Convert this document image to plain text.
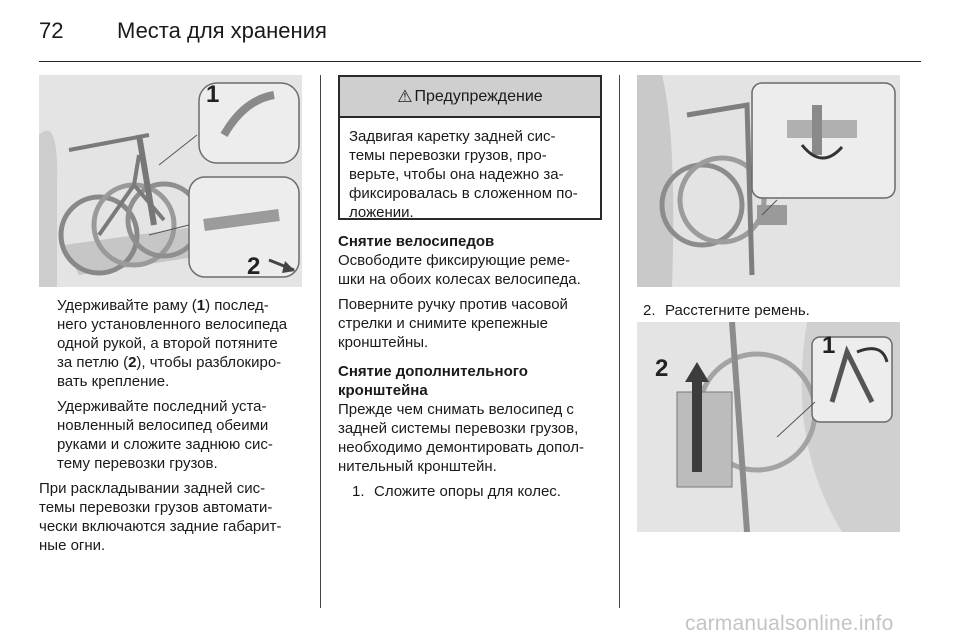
72 Места для хранения
1
2

Удерживайте раму (1) послед-
него установленного велосипеда
одной рукой, а второй потяните
за петлю (2), чтобы разблокиро-
вать крепление.

Удерживайте последний уста-
новленный велосипед обеими
руками и сложите заднюю сис-
тему перевозки грузов.

При раскладывании задней сис-
темы перевозки грузов автомати-
чески включаются задние габарит-
ные огни.

⚠ Предупреждение
Задвигая каретку задней сис-
темы перевозки грузов, про-
верьте, чтобы она надежно за-
фиксировалась в сложенном по-
ложении.
Снятие велосипедов

Освободите фиксирующие реме-
шки на обоих колесах велосипеда.

Поверните ручку против часовой
стрелки и снимите крепежные
кронштейны.

Снятие дополнительного
кронштейна

Прежде чем снимать велосипед с
задней системы перевозки грузов,
необходимо демонтировать допол-
нительный кронштейн.

1. Сложите опоры для колес.

2. Расстегните ремень.

1
2
carmanualsonline.info
